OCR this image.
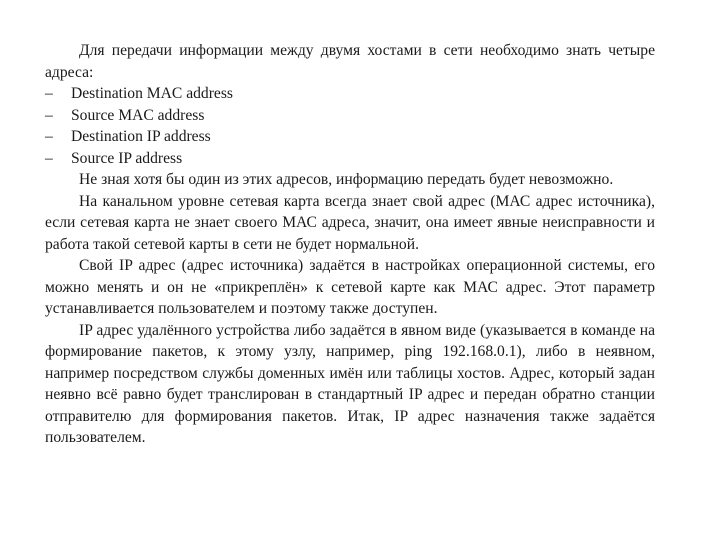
Для передачи информации между двумя хостами в сети необходимо знать четыре адреса:

–	Destination MAC address
–	Source MAC address
–	Destination IP address
–	Source IP address

Не зная хотя бы один из этих адресов, информацию передать будет невозможно.

На канальном уровне сетевая карта всегда знает свой адрес (МАС адрес источника), если сетевая карта не знает своего МАС адреса, значит, она имеет явные неисправности и работа такой сетевой карты в сети не будет нормальной.

Свой IP адрес (адрес источника) задаётся в настройках операционной системы, его можно менять и он не «прикреплён» к сетевой карте как МАС адрес. Этот параметр устанавливается пользователем и поэтому также доступен.

IP адрес удалённого устройства либо задаётся в явном виде (указывается в команде на формирование пакетов, к этому узлу, например, ping 192.168.0.1), либо в неявном, например посредством службы доменных имён или таблицы хостов. Адрес, который задан неявно всё равно будет транслирован в стандартный IP адрес и передан обратно станции отправителю для формирования пакетов. Итак, IP адрес назначения также задаётся пользователем.
